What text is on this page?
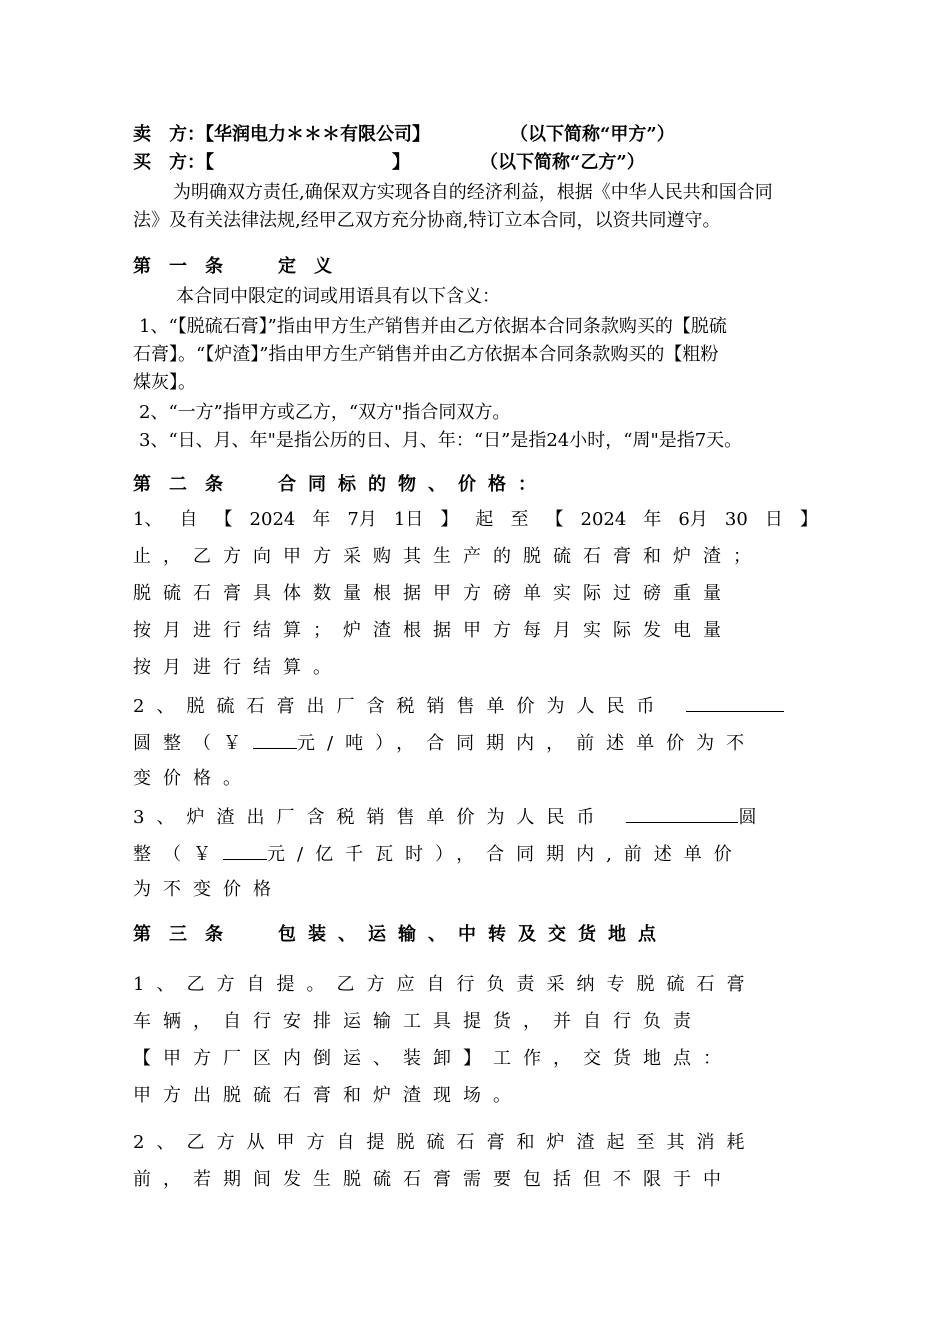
卖　方：【华润电力＊＊＊有限公司】	（以下简称“甲方”）
买　方：【	】	（以下简称“乙方”）
为明确双方责任,确保双方实现各自的经济利益，根据《中华人民共和国合同
法》及有关法律法规,经甲乙双方充分协商,特订立本合同，以资共同遵守。
第　一　条	定　义
本合同中限定的词或用语具有以下含义：
1、“【脱硫石膏】”指由甲方生产销售并由乙方依据本合同条款购买的【脱硫
石膏】。“【炉渣】”指由甲方生产销售并由乙方依据本合同条款购买的【粗粉
煤灰】。
2、“一方”指甲方或乙方，“双方"指合同双方。
3、“日、月、年"是指公历的日、月、年：“日”是指24小时，“周"是指7天。
第　二　条	合同标的物、价格：
1、 自 【 2024 年 7月 1日 】 起 至 【 2024 年 6月 30 日 】
止，乙方向甲方采购其生产的脱硫石膏和炉渣；
脱硫石膏具体数量根据甲方磅单实际过磅重量
按月进行结算；炉渣根据甲方每月实际发电量
按月进行结算。
2、脱硫石膏出厂含税销售单价为人民币
圆整（￥ 元/吨），合同期内，前述单价为不
变价格。
3、炉渣出厂含税销售单价为人民币	圆
整（￥ 元/亿千瓦时），合同期内,前述单价
为不变价格
第　三　条	包装、运输、中转及交货地点
1、乙方自提。乙方应自行负责采纳专脱硫石膏
车辆，自行安排运输工具提货，并自行负责
【甲方厂区内倒运、装卸】工作，交货地点：
甲方出脱硫石膏和炉渣现场。
2、乙方从甲方自提脱硫石膏和炉渣起至其消耗
前，若期间发生脱硫石膏需要包括但不限于中
